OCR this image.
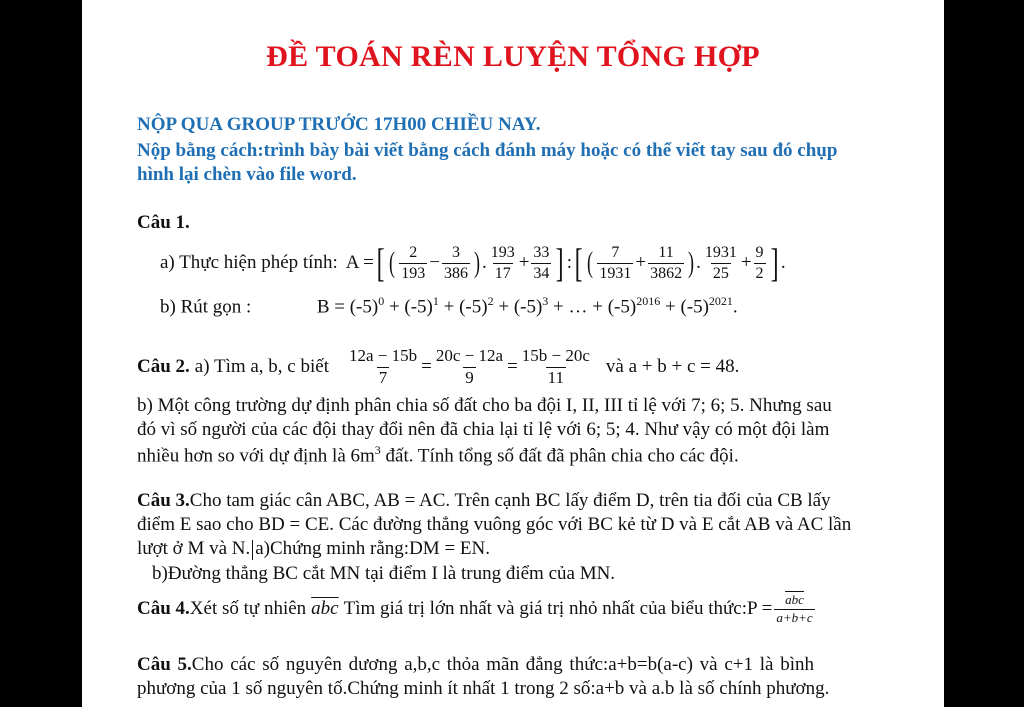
ĐỀ TOÁN RÈN LUYỆN TỔNG HỢP
NỘP QUA GROUP TRƯỚC 17H00 CHIỀU NAY.
Nộp bằng cách:trình bày bài viết bằng cách đánh máy hoặc có thể viết tay sau đó chụp
hình lại chèn vào file word.
Câu 1.
a) Thực hiện phép tính: A = [ ( $\frac{2}{193} - \frac{3}{386}$ ) . $\frac{193}{17} + \frac{33}{34}$ ] : [ ( $\frac{7}{1931} + \frac{11}{3862}$ ) . $\frac{1931}{25} + \frac{9}{2}$ ] .
b) Rút gọn :	$B = (-5)^0 + (-5)^1 + (-5)^2 + (-5)^3$ + … + $(-5)^{2016} + (-5)^{2021}$.
Câu 2. a) Tìm a, b, c biết $\frac{12a - 15b}{7} = \frac{20c - 12a}{9} = \frac{15b - 20c}{11}$ và a + b + c = 48.
b) Một công trường dự định phân chia số đất cho ba đội I, II, III tỉ lệ với 7; 6; 5. Nhưng sau
đó vì số người của các đội thay đổi nên đã chia lại tỉ lệ với 6; 5; 4. Như vậy có một đội làm
nhiều hơn so với dự định là $6m^3$ đất. Tính tổng số đất đã phân chia cho các đội.
Câu 3.Cho tam giác cân ABC, AB = AC. Trên cạnh BC lấy điểm D, trên tia đối của CB lấy
điểm E sao cho BD = CE. Các đường thẳng vuông góc với BC kẻ từ D và E cắt AB và AC lần
lượt ở M và N. a)Chứng minh rằng:DM = EN.
b)Đường thẳng BC cắt MN tại điểm I là trung điểm của MN.
Câu 4. Xét số tự nhiên $\overline{abc}$ Tìm giá trị lớn nhất và giá trị nhỏ nhất của biểu thức:P = $\frac{\overline{abc}}{a+b+c}$
Câu 5.Cho các số nguyên dương a,b,c thỏa mãn đẳng thức:a+b=b(a-c) và c+1 là bình
phương của 1 số nguyên tố.Chứng minh ít nhất 1 trong 2 số:a+b và a.b là số chính phương.
